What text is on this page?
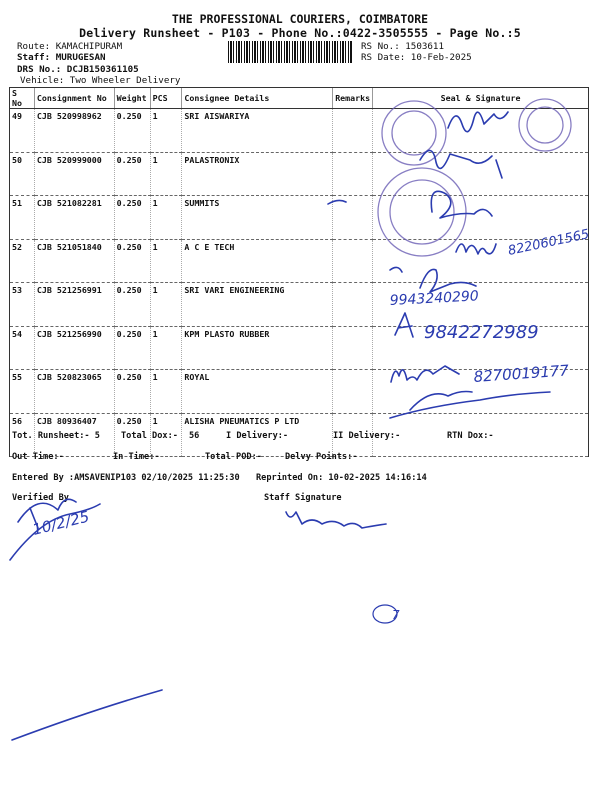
THE PROFESSIONAL COURIERS, COIMBATORE
Delivery Runsheet - P103 - Phone No.:0422-3505555 - Page No.:5
Route: KAMACHIPURAM
Staff: MURUGESAN
DRS No.: DCJB150361105
Vehicle: Two Wheeler Delivery
RS No.: 1503611
RS Date: 10-Feb-2025
S No	Consignment No	Weight	PCS	Consignee Details	Remarks	Seal & Signature
49	CJB 520998962	0.250	1	SRI AISWARIYA		
50	CJB 520999000	0.250	1	PALASTRONIX		
51	CJB 521082281	0.250	1	SUMMITS		
52	CJB 521051840	0.250	1	A C E TECH		
53	CJB 521256991	0.250	1	SRI VARI ENGINEERING		
54	CJB 521256990	0.250	1	KPM PLASTO RUBBER		
55	CJB 520823065	0.250	1	ROYAL		
56	CJB 80936407	0.250	1	ALISHA PNEUMATICS P LTD		
Tot. Runsheet:- 5 Total Dox:- 56	I Delivery:-	II Delivery:-	RTN Dox:-
Out Time:-	In Time:-	Total POD:-	Delvy Points:-
Entered By :AMSAVENIP103 02/10/2025 11:25:30 Reprinted On: 10-02-2025 14:16:14
Verified By	Staff Signature
8220601565
9943240290
9842272989
8270019177
10/2/25
7
